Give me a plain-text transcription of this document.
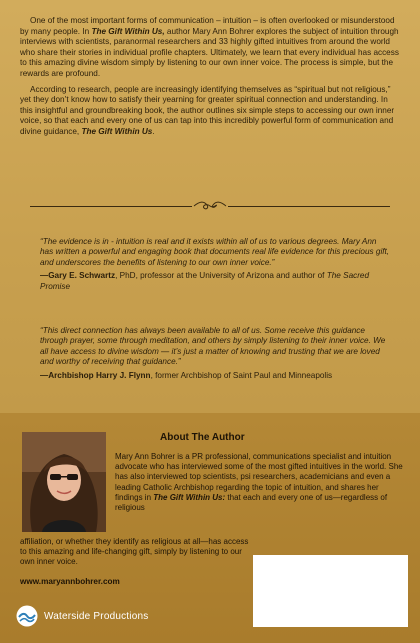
One of the most important forms of communication – intuition – is often overlooked or misunderstood by many people. In The Gift Within Us, author Mary Ann Bohrer explores the subject of intuition through interviews with scientists, paranormal researchers and 33 highly gifted intuitives from around the world who share their stories in individual profile chapters. Ultimately, we learn that every individual has access to this amazing divine wisdom simply by listening to our own inner voice. The process is simple, but the rewards are profound.

According to research, people are increasingly identifying themselves as “spiritual but not religious,” yet they don’t know how to satisfy their yearning for greater spiritual connection and understanding. In this insightful and groundbreaking book, the author outlines six simple steps to accessing our own inner voice, so that each and every one of us can tap into this incredibly powerful form of communication and divine guidance, The Gift Within Us.

“The evidence is in - intuition is real and it exists within all of us to various degrees. Mary Ann has written a powerful and engaging book that documents real life evidence for this precious gift, and underscores the benefits of listening to our own inner voice.”

—Gary E. Schwartz, PhD, professor at the University of Arizona and author of The Sacred Promise

“This direct connection has always been available to all of us. Some receive this guidance through prayer, some through meditation, and others by simply listening to their inner voice. We all have access to divine wisdom — it’s just a matter of knowing and trusting that we are loved and worthy of receiving that guidance.”

—Archbishop Harry J. Flynn, former Archbishop of Saint Paul and Minneapolis

About The Author

Mary Ann Bohrer is a PR professional, communications specialist and intuition advocate who has interviewed some of the most gifted intuitives in the world. She has also interviewed top scientists, psi researchers, academicians and even a leading Catholic Archbishop regarding the topic of intuition, and shares her findings in The Gift Within Us: that each and every one of us—regardless of religious

affiliation, or whether they identify as religious at all—has access to this amazing and life-changing gift, simply by listening to our own inner voice.

www.maryannbohrer.com
Waterside Productions
